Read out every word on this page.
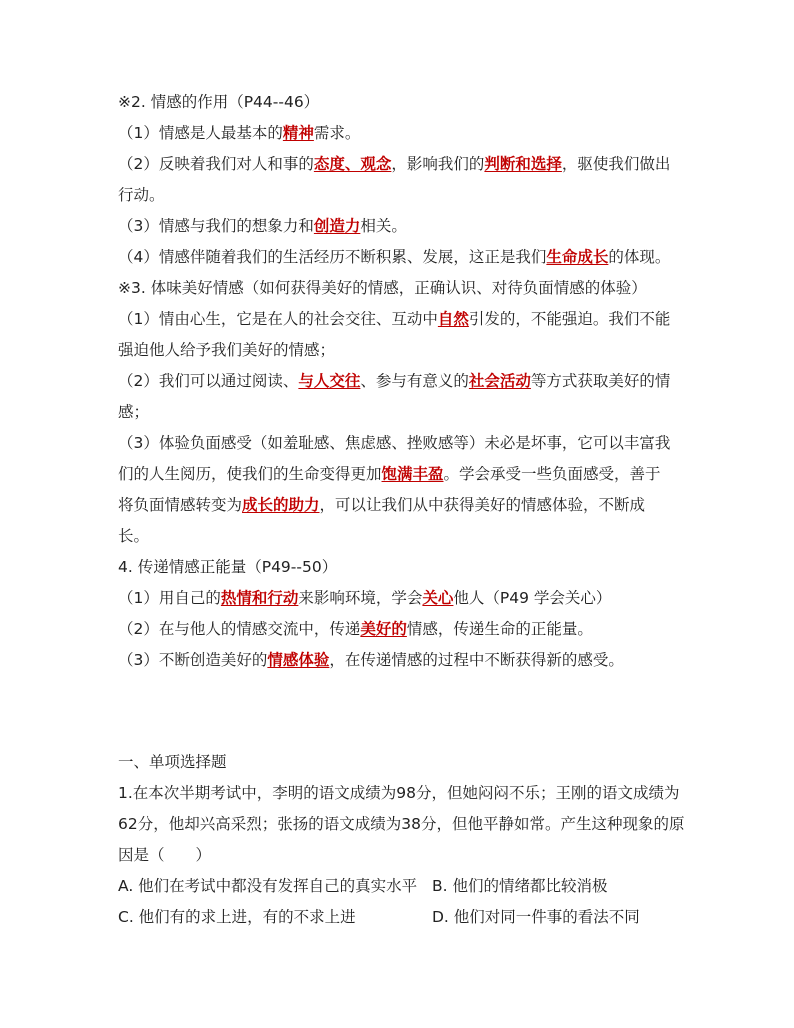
※2. 情感的作用（P44--46）
（1）情感是人最基本的精神需求。
（2）反映着我们对人和事的态度、观念，影响我们的判断和选择，驱使我们做出
行动。
（3）情感与我们的想象力和创造力相关。
（4）情感伴随着我们的生活经历不断积累、发展，这正是我们生命成长的体现。
※3. 体味美好情感（如何获得美好的情感，正确认识、对待负面情感的体验）
（1）情由心生，它是在人的社会交往、互动中自然引发的，不能强迫。我们不能
强迫他人给予我们美好的情感；
（2）我们可以通过阅读、与人交往、参与有意义的社会活动等方式获取美好的情
感；
（3）体验负面感受（如羞耻感、焦虑感、挫败感等）未必是坏事，它可以丰富我
们的人生阅历，使我们的生命变得更加饱满丰盈。学会承受一些负面感受，善于
将负面情感转变为成长的助力，可以让我们从中获得美好的情感体验，不断成
长。
4. 传递情感正能量（P49--50）
（1）用自己的热情和行动来影响环境，学会关心他人（P49 学会关心）
（2）在与他人的情感交流中，传递美好的情感，传递生命的正能量。
（3）不断创造美好的情感体验，在传递情感的过程中不断获得新的感受。
一、单项选择题
1.在本次半期考试中，李明的语文成绩为98分，但她闷闷不乐；王刚的语文成绩为
62分，他却兴高采烈；张扬的语文成绩为38分，但他平静如常。产生这种现象的原
因是（　　）
A. 他们在考试中都没有发挥自己的真实水平 B. 他们的情绪都比较消极
C. 他们有的求上进，有的不求上进	D. 他们对同一件事的看法不同
